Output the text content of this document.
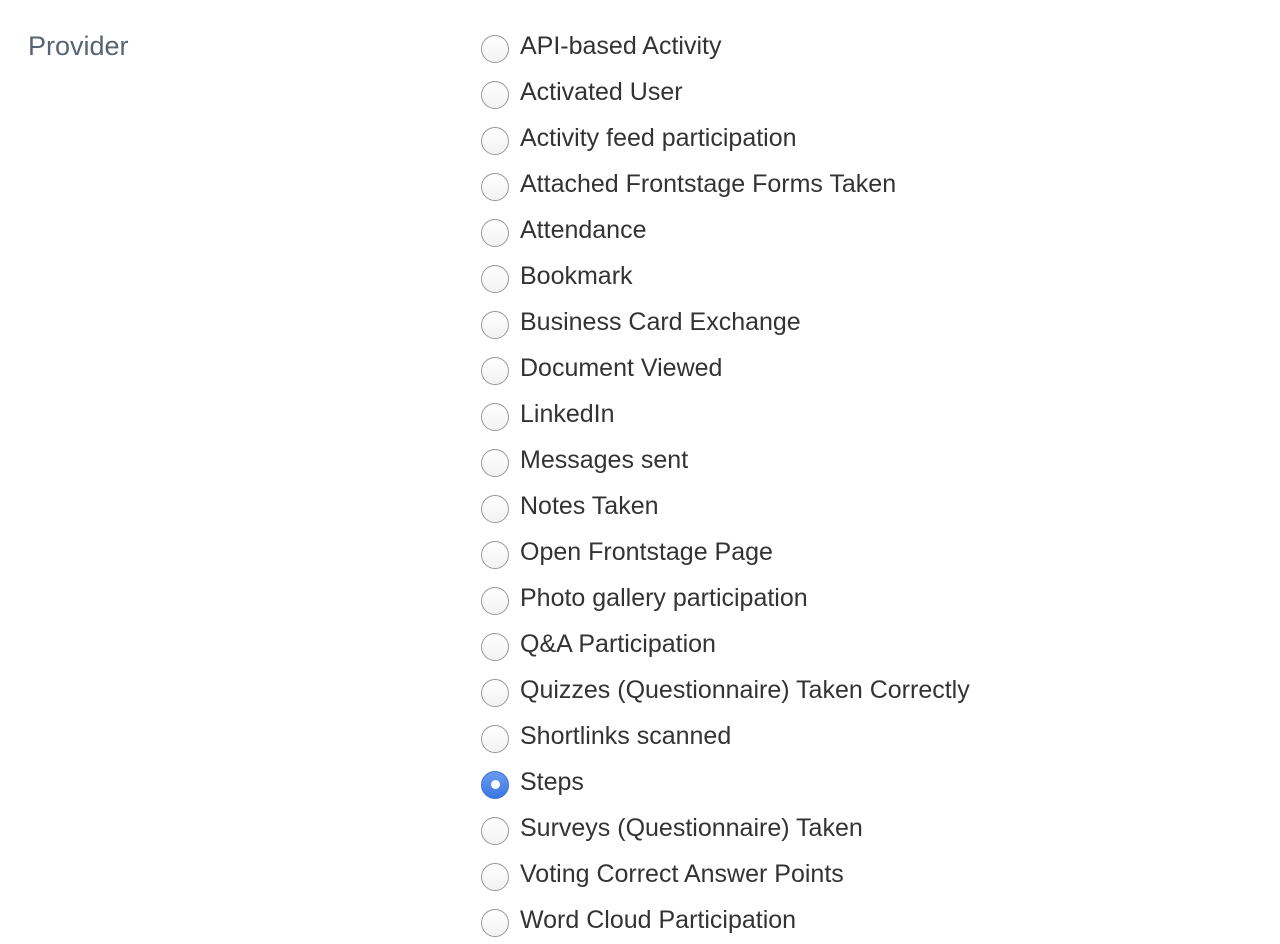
Provider	API-based Activity
Activated User
Activity feed participation
Attached Frontstage Forms Taken
Attendance
Bookmark
Business Card Exchange
Document Viewed
LinkedIn
Messages sent
Notes Taken
Open Frontstage Page
Photo gallery participation
Q&A Participation
Quizzes (Questionnaire) Taken Correctly
Shortlinks scanned
Steps
Surveys (Questionnaire) Taken
Voting Correct Answer Points
Word Cloud Participation
